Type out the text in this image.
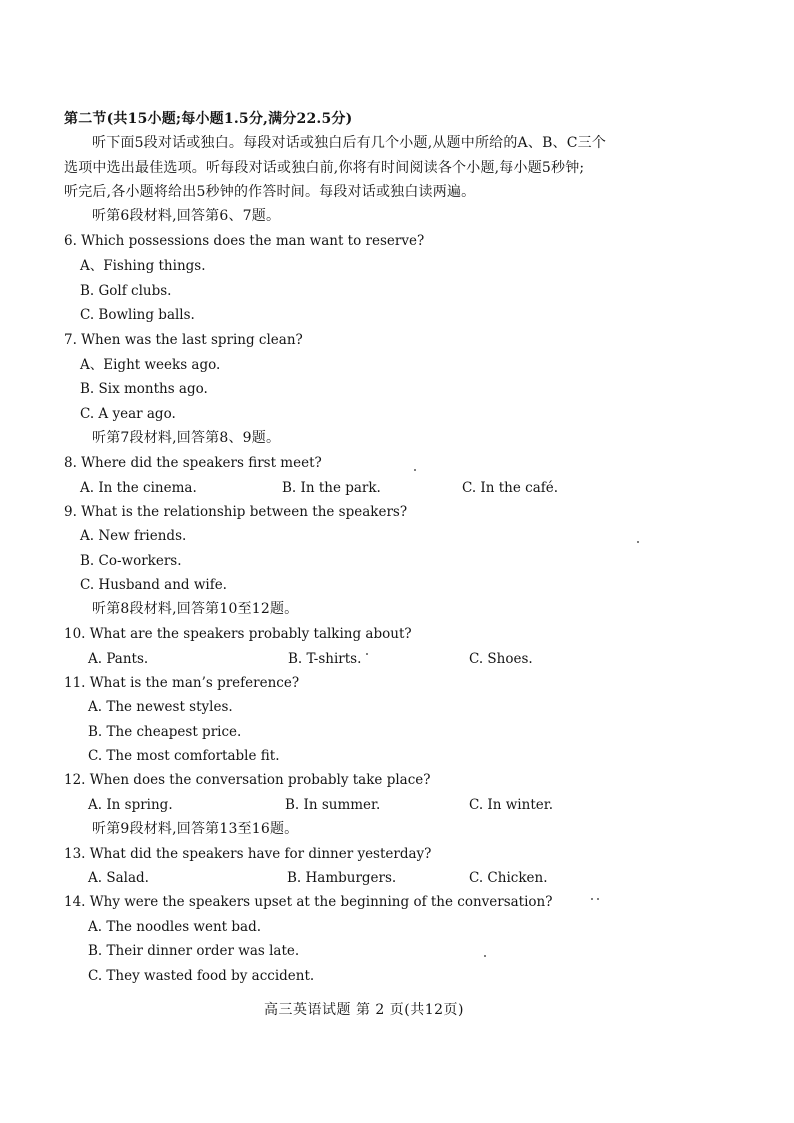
第二节(共15小题;每小题1.5分,满分22.5分)
听下面5段对话或独白。每段对话或独白后有几个小题,从题中所给的A、B、C三个
选项中选出最佳选项。听每段对话或独白前,你将有时间阅读各个小题,每小题5秒钟;
听完后,各小题将给出5秒钟的作答时间。每段对话或独白读两遍。
听第6段材料,回答第6、7题。
6. Which possessions does the man want to reserve?
A、Fishing things.
B. Golf clubs.
C. Bowling balls.
7. When was the last spring clean?
A、Eight weeks ago.
B. Six months ago.
C. A year ago.
听第7段材料,回答第8、9题。
8. Where did the speakers first meet?
A. In the cinema.	B. In the park.	C. In the café.
9. What is the relationship between the speakers?
A. New friends.
B. Co-workers.
C. Husband and wife.
听第8段材料,回答第10至12题。
10. What are the speakers probably talking about?
A. Pants.	B. T-shirts.	C. Shoes.
11. What is the man’s preference?
A. The newest styles.
B. The cheapest price.
C. The most comfortable fit.
12. When does the conversation probably take place?
A. In spring.	B. In summer.	C. In winter.
听第9段材料,回答第13至16题。
13. What did the speakers have for dinner yesterday?
A. Salad.	B. Hamburgers.	C. Chicken.
14. Why were the speakers upset at the beginning of the conversation?
A. The noodles went bad.
B. Their dinner order was late.
C. They wasted food by accident.
高三英语试题 第 2 页(共12页)
